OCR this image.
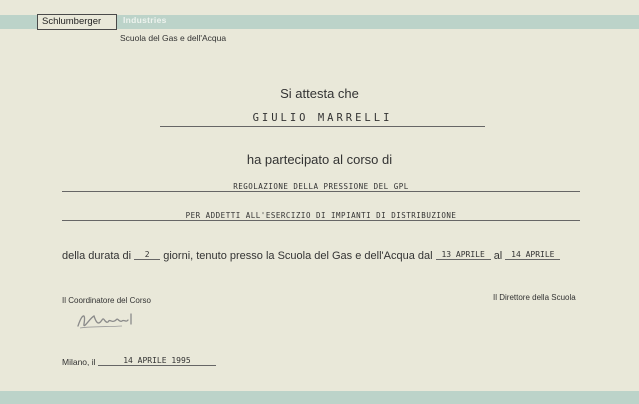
Schlumberger	Industries
Scuola del Gas e dell'Acqua
Si attesta che
GIULIO MARRELLI
ha partecipato al corso di
REGOLAZIONE DELLA PRESSIONE DEL GPL
PER ADDETTI ALL'ESERCIZIO DI IMPIANTI DI DISTRIBUZIONE
della durata di 2 giorni, tenuto presso la Scuola del Gas e dell'Acqua dal 13 APRILE al 14 APRILE
Il Coordinatore del Corso	Il Direttore della Scuola
Milano, il	14 APRILE 1995
